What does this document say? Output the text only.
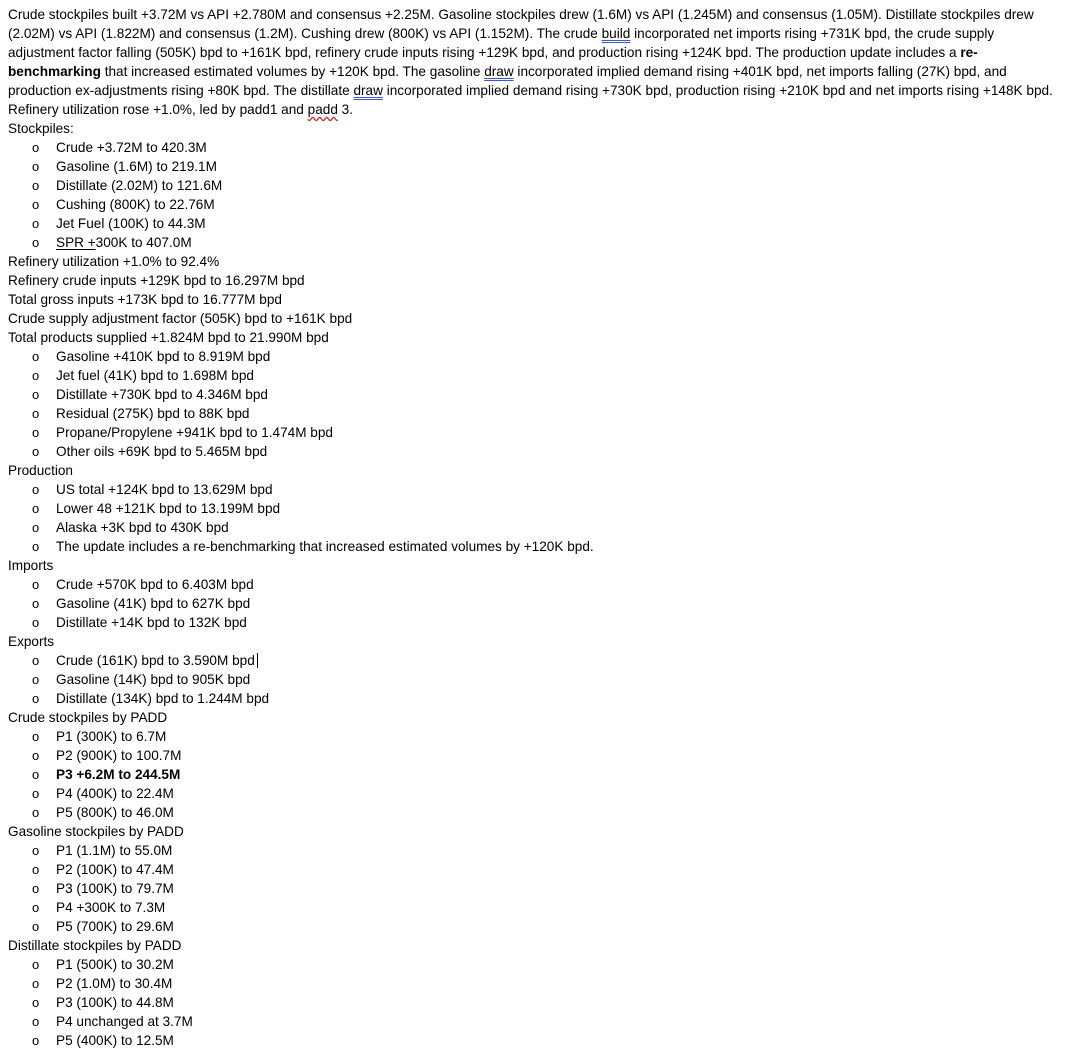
Crude stockpiles built +3.72M vs API +2.780M and consensus +2.25M. Gasoline stockpiles drew (1.6M) vs API (1.245M) and consensus (1.05M). Distillate stockpiles drew (2.02M) vs API (1.822M) and consensus (1.2M). Cushing drew (800K) vs API (1.152M). The crude build incorporated net imports rising +731K bpd, the crude supply adjustment factor falling (505K) bpd to +161K bpd, refinery crude inputs rising +129K bpd, and production rising +124K bpd. The production update includes a re-benchmarking that increased estimated volumes by +120K bpd. The gasoline draw incorporated implied demand rising +401K bpd, net imports falling (27K) bpd, and production ex-adjustments rising +80K bpd. The distillate draw incorporated implied demand rising +730K bpd, production rising +210K bpd and net imports rising +148K bpd. Refinery utilization rose +1.0%, led by padd1 and padd 3.

Stockpiles:
o Crude +3.72M to 420.3M
o Gasoline (1.6M) to 219.1M
o Distillate (2.02M) to 121.6M
o Cushing (800K) to 22.76M
o Jet Fuel (100K) to 44.3M
o SPR +300K to 407.0M
Refinery utilization +1.0% to 92.4%
Refinery crude inputs +129K bpd to 16.297M bpd
Total gross inputs +173K bpd to 16.777M bpd
Crude supply adjustment factor (505K) bpd to +161K bpd
Total products supplied +1.824M bpd to 21.990M bpd
o Gasoline +410K bpd to 8.919M bpd
o Jet fuel (41K) bpd to 1.698M bpd
o Distillate +730K bpd to 4.346M bpd
o Residual (275K) bpd to 88K bpd
o Propane/Propylene +941K bpd to 1.474M bpd
o Other oils +69K bpd to 5.465M bpd
Production
o US total +124K bpd to 13.629M bpd
o Lower 48 +121K bpd to 13.199M bpd
o Alaska +3K bpd to 430K bpd
o The update includes a re-benchmarking that increased estimated volumes by +120K bpd.
Imports
o Crude +570K bpd to 6.403M bpd
o Gasoline (41K) bpd to 627K bpd
o Distillate +14K bpd to 132K bpd
Exports
o Crude (161K) bpd to 3.590M bpd
o Gasoline (14K) bpd to 905K bpd
o Distillate (134K) bpd to 1.244M bpd
Crude stockpiles by PADD
o P1 (300K) to 6.7M
o P2 (900K) to 100.7M
o P3 +6.2M to 244.5M
o P4 (400K) to 22.4M
o P5 (800K) to 46.0M
Gasoline stockpiles by PADD
o P1 (1.1M) to 55.0M
o P2 (100K) to 47.4M
o P3 (100K) to 79.7M
o P4 +300K to 7.3M
o P5 (700K) to 29.6M
Distillate stockpiles by PADD
o P1 (500K) to 30.2M
o P2 (1.0M) to 30.4M
o P3 (100K) to 44.8M
o P4 unchanged at 3.7M
o P5 (400K) to 12.5M
